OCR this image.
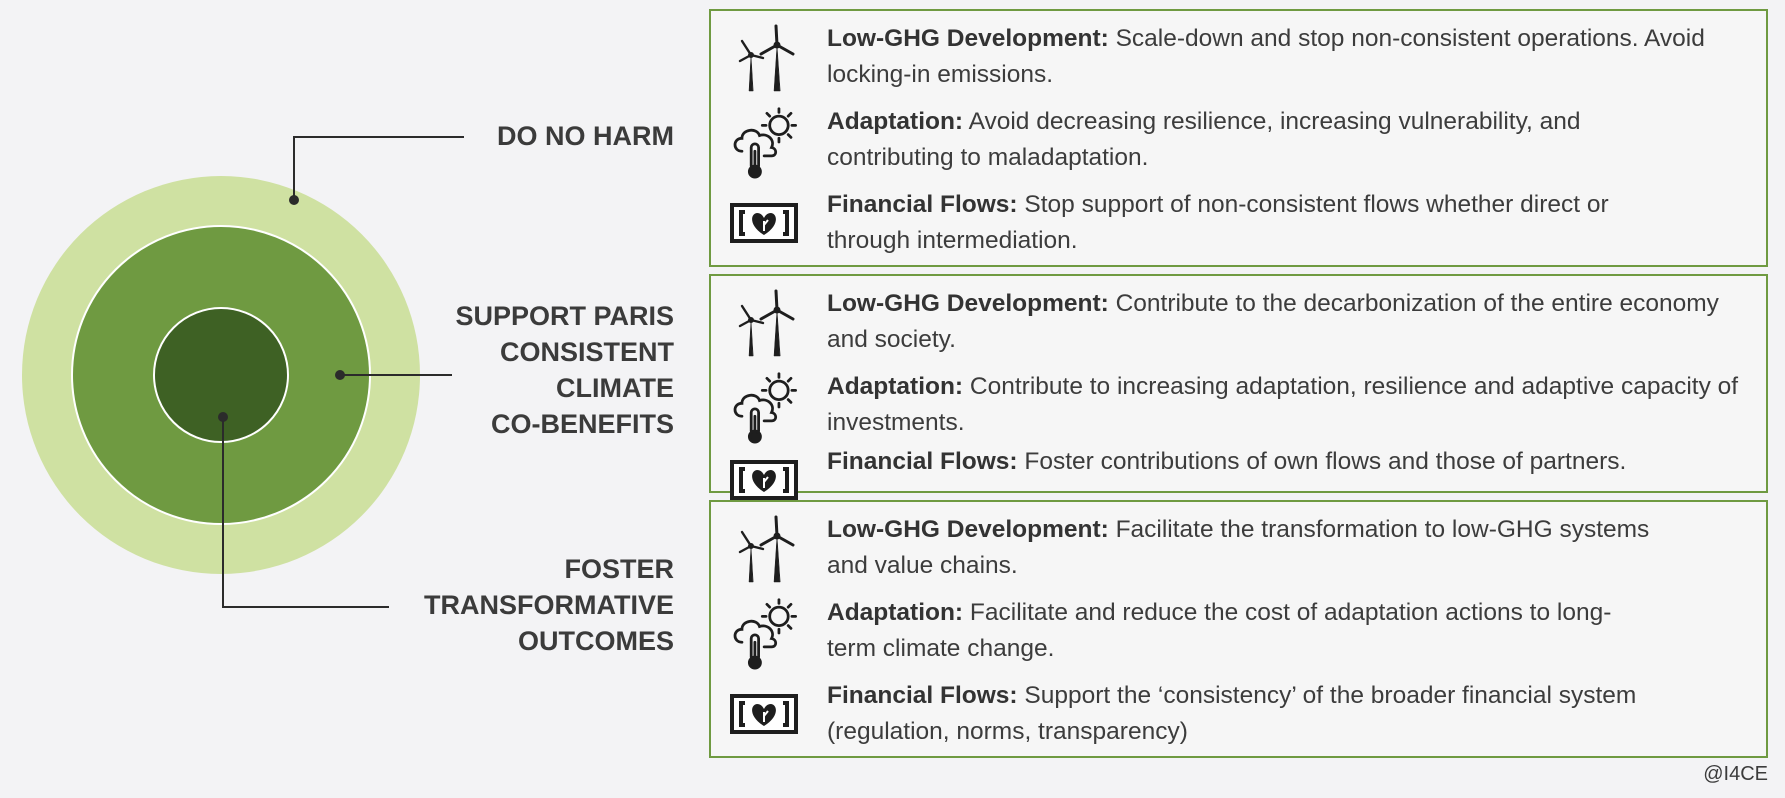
DO NO HARM
SUPPORT PARIS
CONSISTENT
CLIMATE
CO-BENEFITS
FOSTER
TRANSFORMATIVE
OUTCOMES
Low-GHG Development: Scale-down and stop non-consistent operations. Avoid locking-in emissions.
Adaptation: Avoid decreasing resilience, increasing vulnerability, and contributing to maladaptation.
Financial Flows: Stop support of non-consistent flows whether direct or through intermediation.
Low-GHG Development: Contribute to the decarbonization of the entire economy and society.
Adaptation: Contribute to increasing adaptation, resilience and adaptive capacity of investments.
Financial Flows: Foster contributions of own flows and those of partners.
Low-GHG Development: Facilitate the transformation to low-GHG systems and value chains.
Adaptation: Facilitate and reduce the cost of adaptation actions to long-term climate change.
Financial Flows: Support the ‘consistency’ of the broader financial system (regulation, norms, transparency)
@I4CE
